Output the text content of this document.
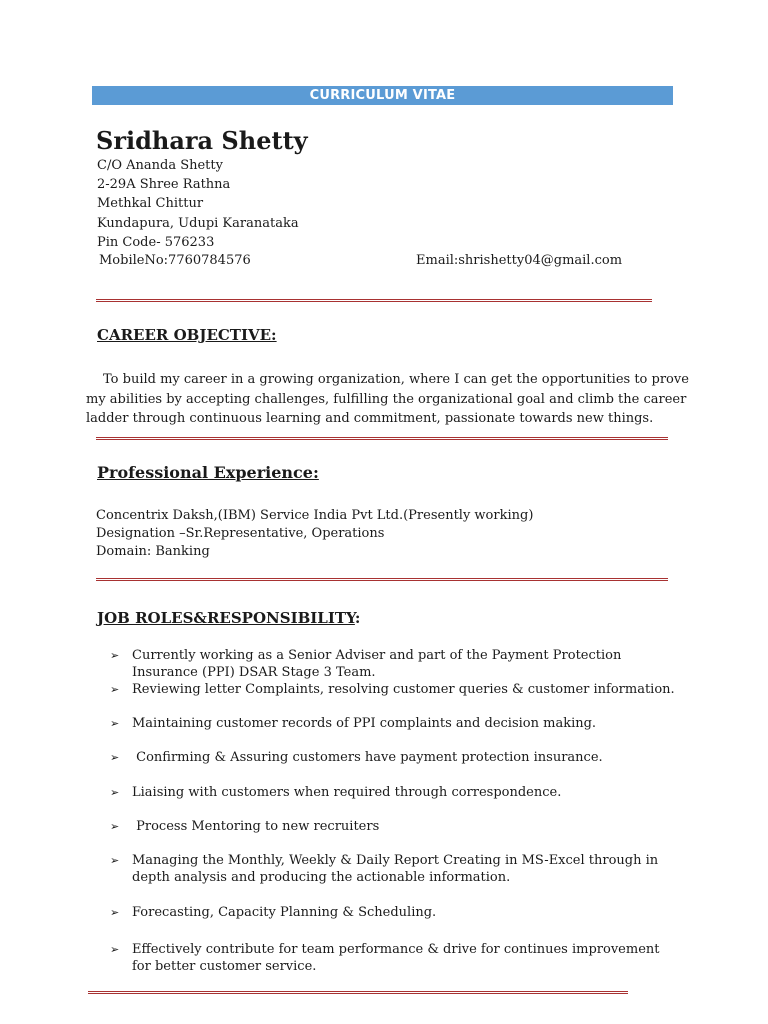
CURRICULUM VITAE
Sridhara Shetty
C/O Ananda Shetty
2-29A Shree Rathna
Methkal Chittur
Kundapura, Udupi Karanataka
Pin Code- 576233
MobileNo:7760784576	Email:shrishetty04@gmail.com
CAREER OBJECTIVE:
To build my career in a growing organization, where I can get the opportunities to prove
my abilities by accepting challenges, fulfilling the organizational goal and climb the career
ladder through continuous learning and commitment, passionate towards new things.
Professional Experience:
Concentrix Daksh,(IBM) Service India Pvt Ltd.(Presently working)
Designation –Sr.Representative, Operations
Domain: Banking
JOB ROLES&RESPONSIBILITY:
➢ Currently working as a Senior Adviser and part of the Payment Protection
Insurance (PPI) DSAR Stage 3 Team.
➢ Reviewing letter Complaints, resolving customer queries & customer information.
➢ Maintaining customer records of PPI complaints and decision making.
➢ Confirming & Assuring customers have payment protection insurance.
➢ Liaising with customers when required through correspondence.
➢ Process Mentoring to new recruiters
➢ Managing the Monthly, Weekly & Daily Report Creating in MS-Excel through in
depth analysis and producing the actionable information.
➢ Forecasting, Capacity Planning & Scheduling.
➢ Effectively contribute for team performance & drive for continues improvement
for better customer service.
